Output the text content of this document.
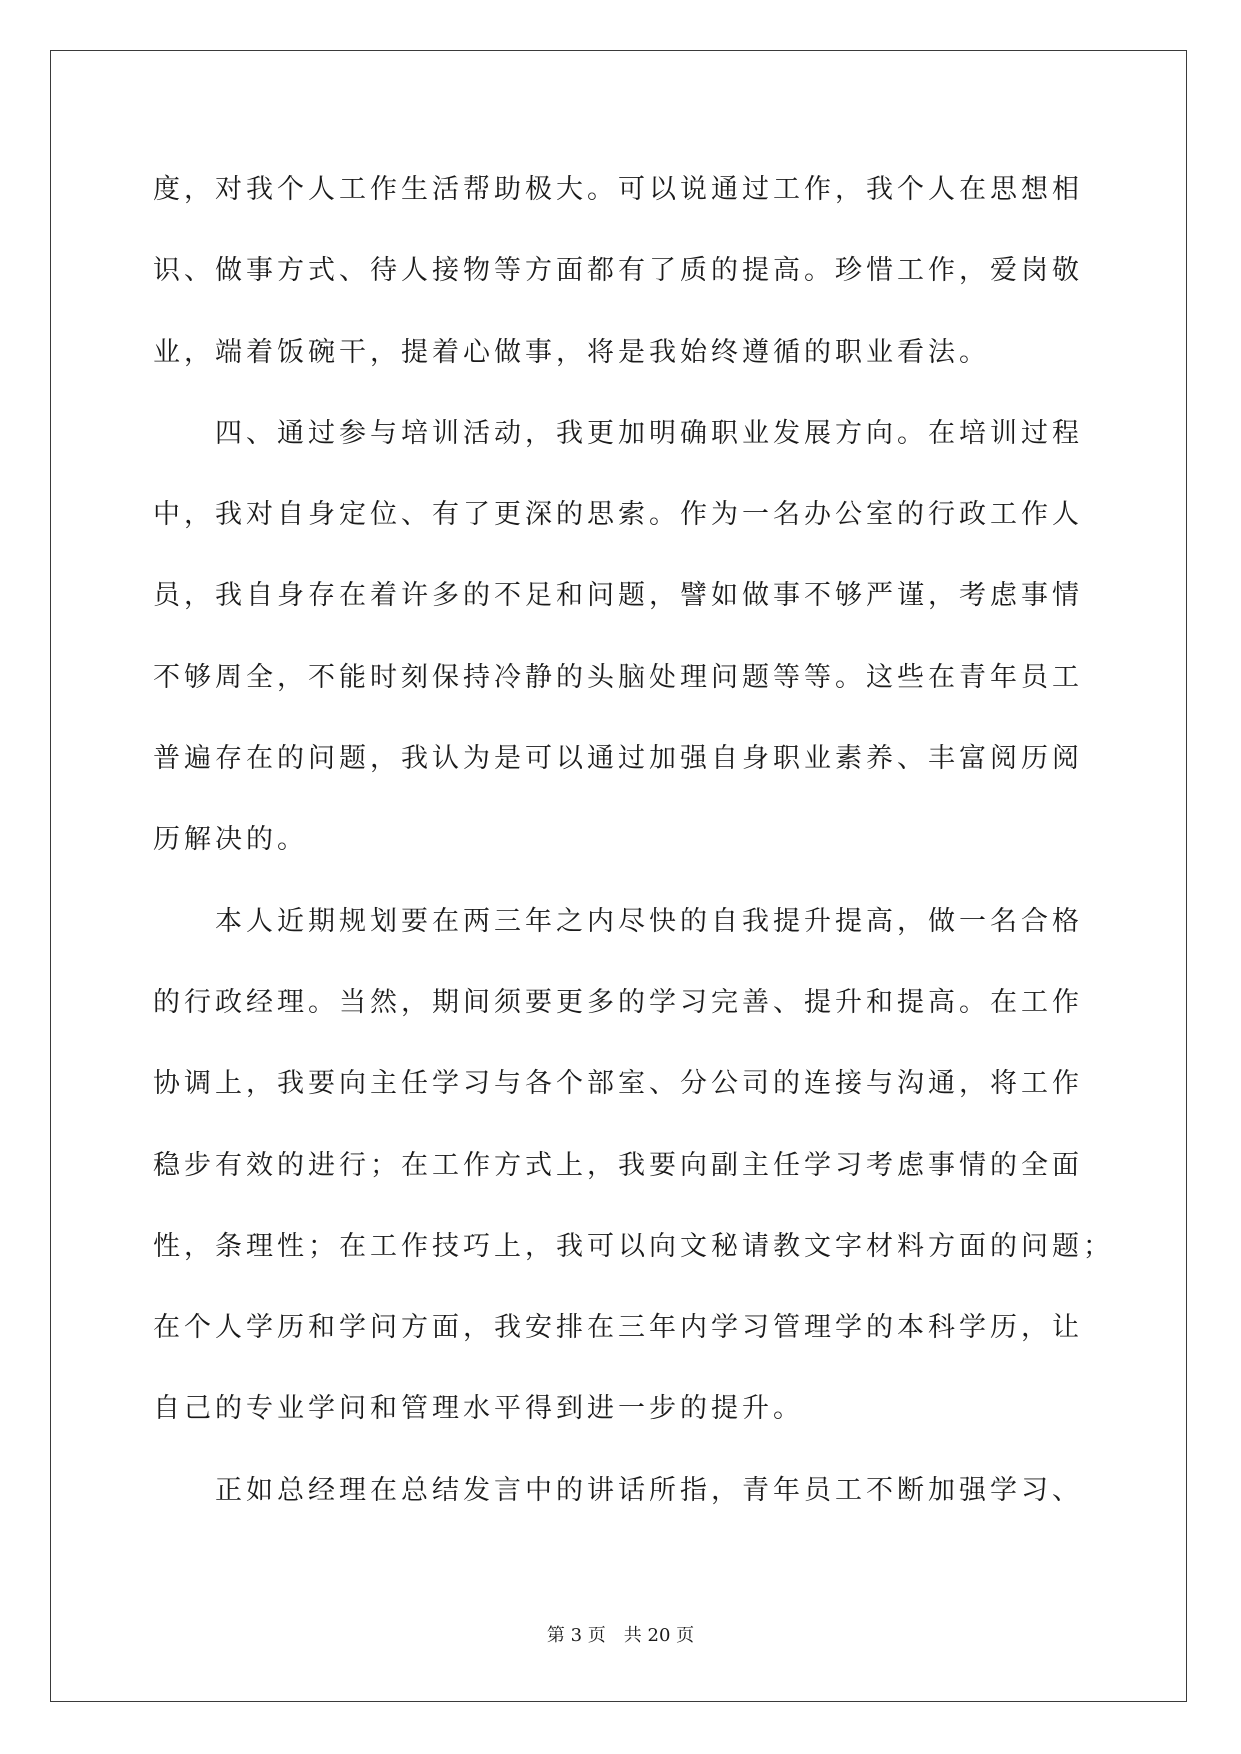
度，对我个人工作生活帮助极大。可以说通过工作，我个人在思想相
识、做事方式、待人接物等方面都有了质的提高。珍惜工作，爱岗敬
业，端着饭碗干，提着心做事，将是我始终遵循的职业看法。
四、通过参与培训活动，我更加明确职业发展方向。在培训过程
中，我对自身定位、有了更深的思索。作为一名办公室的行政工作人
员，我自身存在着许多的不足和问题，譬如做事不够严谨，考虑事情
不够周全，不能时刻保持冷静的头脑处理问题等等。这些在青年员工
普遍存在的问题，我认为是可以通过加强自身职业素养、丰富阅历阅
历解决的。
本人近期规划要在两三年之内尽快的自我提升提高，做一名合格
的行政经理。当然，期间须要更多的学习完善、提升和提高。在工作
协调上，我要向主任学习与各个部室、分公司的连接与沟通，将工作
稳步有效的进行；在工作方式上，我要向副主任学习考虑事情的全面
性，条理性；在工作技巧上，我可以向文秘请教文字材料方面的问题；
在个人学历和学问方面，我安排在三年内学习管理学的本科学历，让
自己的专业学问和管理水平得到进一步的提升。
正如总经理在总结发言中的讲话所指，青年员工不断加强学习、
第 3 页 共 20 页
